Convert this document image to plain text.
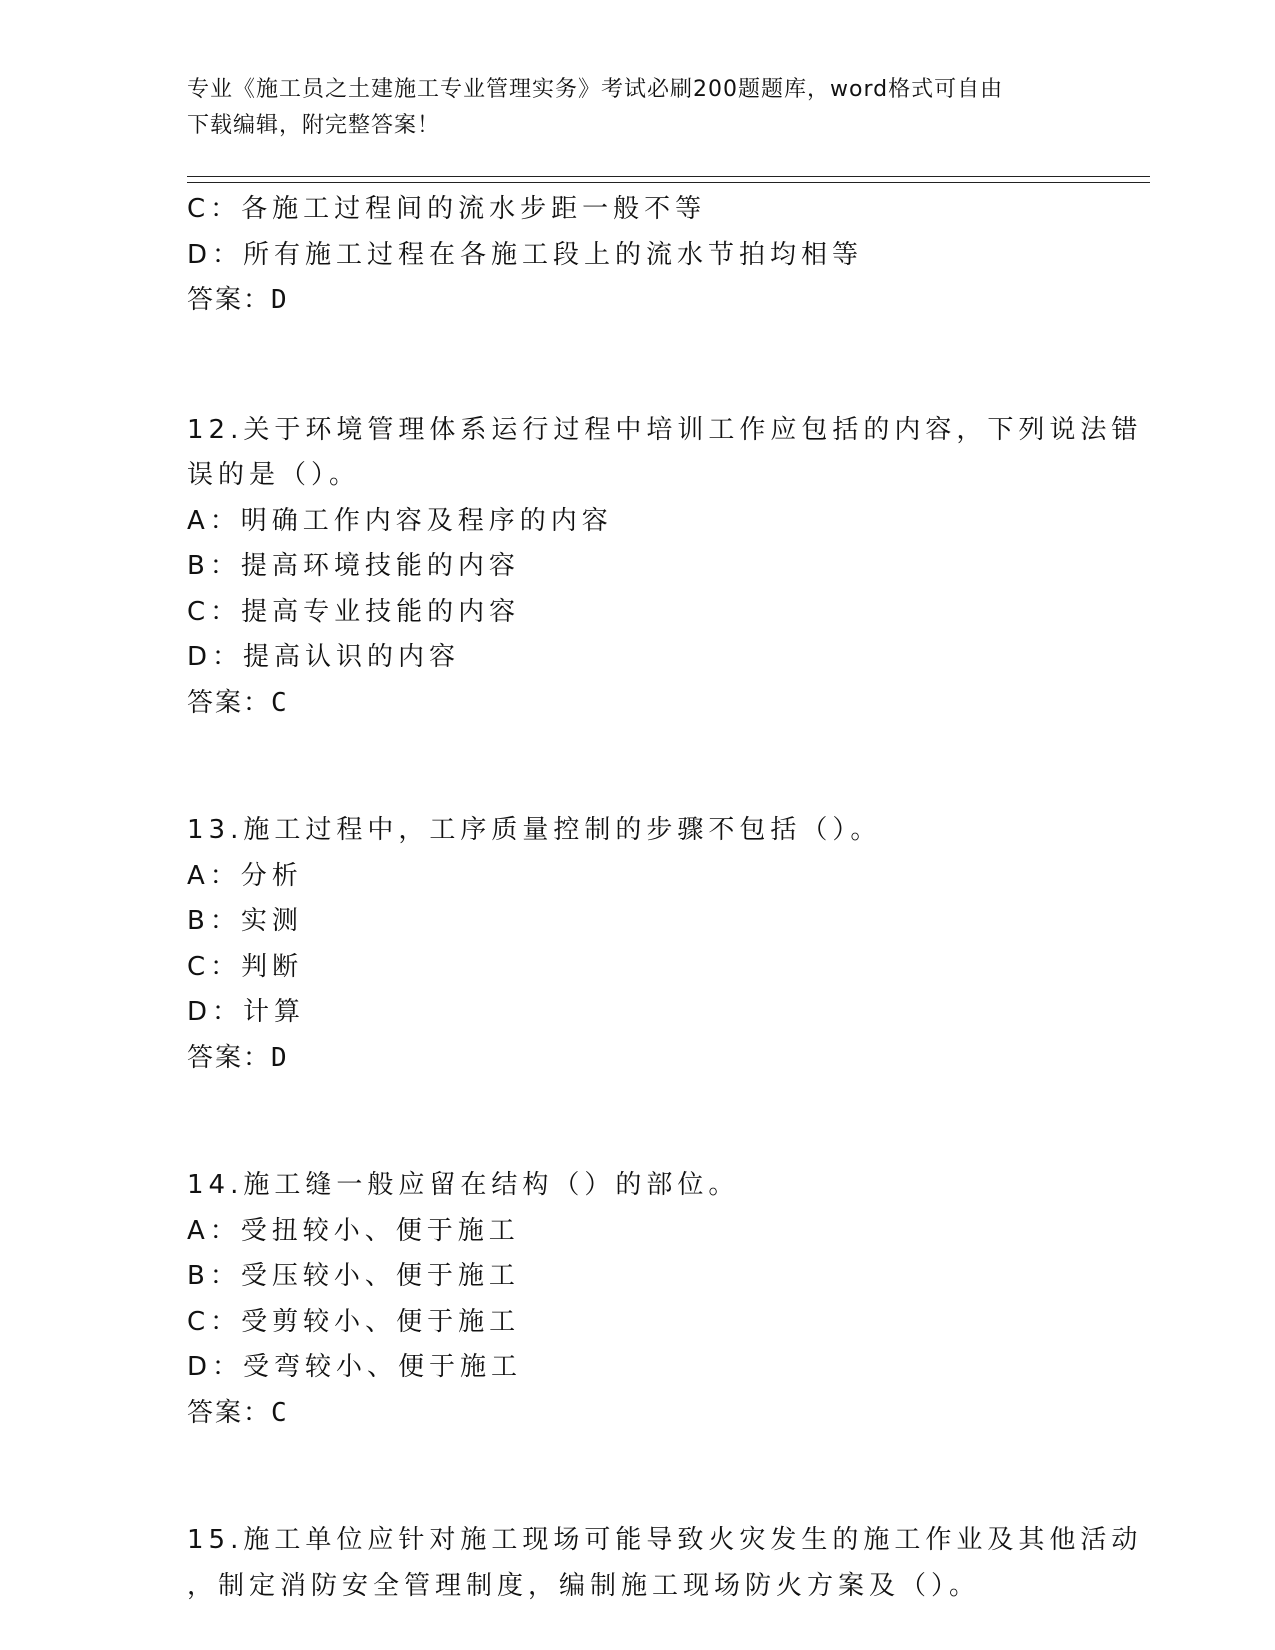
专业《施工员之土建施工专业管理实务》考试必刷200题题库，word格式可自由
下载编辑，附完整答案！
C：各施工过程间的流水步距一般不等
D：所有施工过程在各施工段上的流水节拍均相等
答案：D
12.关于环境管理体系运行过程中培训工作应包括的内容，下列说法错
误的是（）。
A：明确工作内容及程序的内容
B：提高环境技能的内容
C：提高专业技能的内容
D：提高认识的内容
答案：C
13.施工过程中，工序质量控制的步骤不包括（）。
A：分析
B：实测
C：判断
D：计算
答案：D
14.施工缝一般应留在结构（）的部位。
A：受扭较小、便于施工
B：受压较小、便于施工
C：受剪较小、便于施工
D：受弯较小、便于施工
答案：C
15.施工单位应针对施工现场可能导致火灾发生的施工作业及其他活动
，制定消防安全管理制度，编制施工现场防火方案及（）。
